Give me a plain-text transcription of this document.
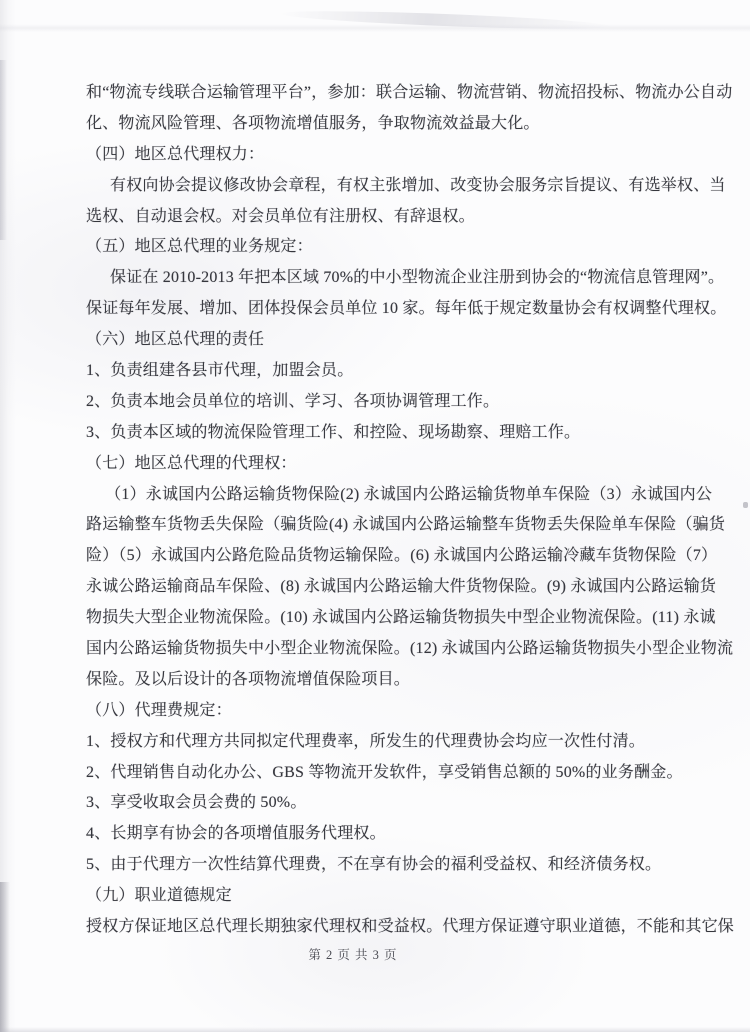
和“物流专线联合运输管理平台”，参加：联合运输、物流营销、物流招投标、物流办公自动
化、物流风险管理、各项物流增值服务，争取物流效益最大化。
（四）地区总代理权力：
有权向协会提议修改协会章程，有权主张增加、改变协会服务宗旨提议、有选举权、当
选权、自动退会权。对会员单位有注册权、有辞退权。
（五）地区总代理的业务规定：
保证在 2010-2013 年把本区域 70%的中小型物流企业注册到协会的“物流信息管理网”。
保证每年发展、增加、团体投保会员单位 10 家。每年低于规定数量协会有权调整代理权。
（六）地区总代理的责任
1、负责组建各县市代理，加盟会员。
2、负责本地会员单位的培训、学习、各项协调管理工作。
3、负责本区域的物流保险管理工作、和控险、现场勘察、理赔工作。
（七）地区总代理的代理权：
（1）永诚国内公路运输货物保险(2) 永诚国内公路运输货物单车保险（3）永诚国内公
路运输整车货物丢失保险（骗货险(4) 永诚国内公路运输整车货物丢失保险单车保险（骗货
险）（5）永诚国内公路危险品货物运输保险。(6) 永诚国内公路运输冷藏车货物保险（7）
永诚公路运输商品车保险、(8) 永诚国内公路运输大件货物保险。(9) 永诚国内公路运输货
物损失大型企业物流保险。(10) 永诚国内公路运输货物损失中型企业物流保险。(11) 永诚
国内公路运输货物损失中小型企业物流保险。(12) 永诚国内公路运输货物损失小型企业物流
保险。及以后设计的各项物流增值保险项目。
（八）代理费规定：
1、授权方和代理方共同拟定代理费率，所发生的代理费协会均应一次性付清。
2、代理销售自动化办公、GBS 等物流开发软件，享受销售总额的 50%的业务酬金。
3、享受收取会员会费的 50%。
4、长期享有协会的各项增值服务代理权。
5、由于代理方一次性结算代理费，不在享有协会的福利受益权、和经济债务权。
（九）职业道德规定
授权方保证地区总代理长期独家代理权和受益权。代理方保证遵守职业道德，不能和其它保
第 2 页 共 3 页
